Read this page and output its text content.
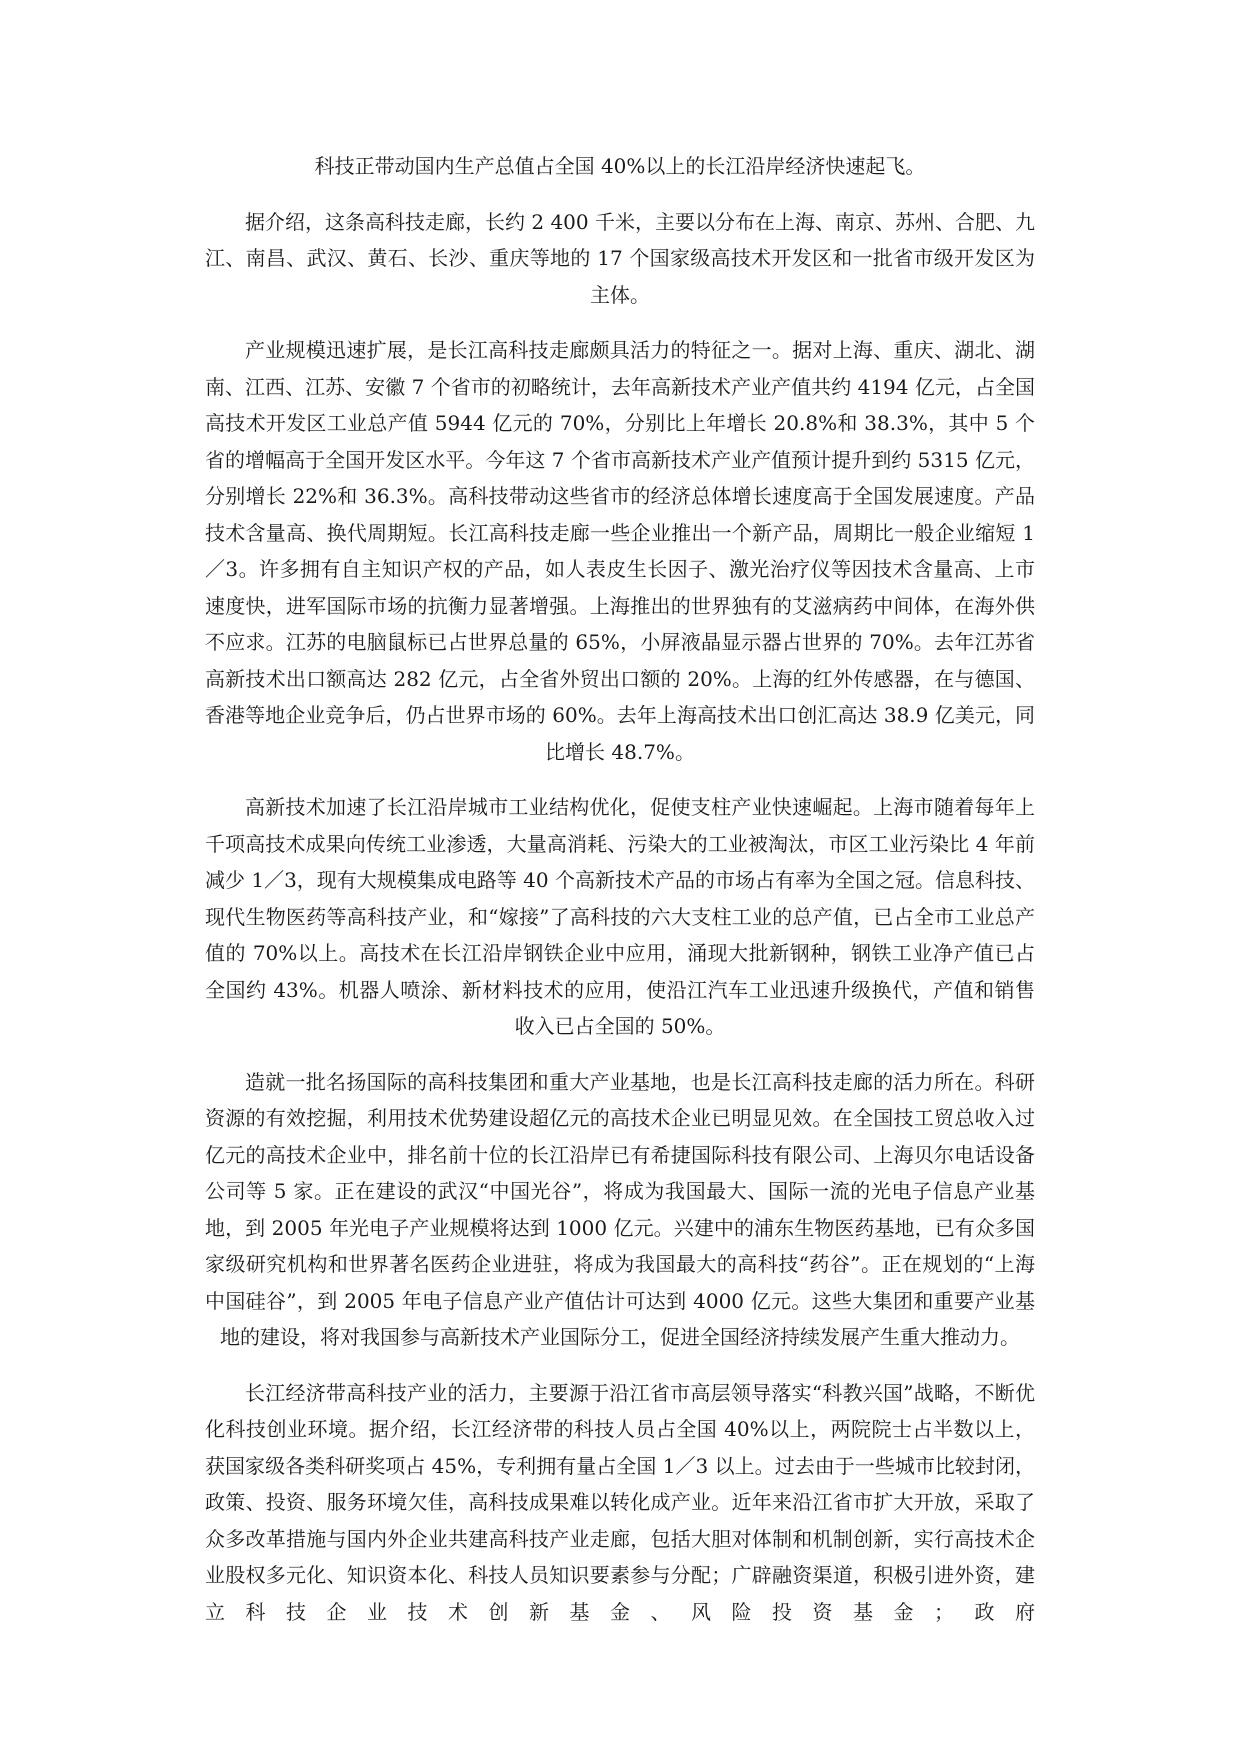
科技正带动国内生产总值占全国 40%以上的长江沿岸经济快速起飞。

据介绍，这条高科技走廊，长约 2 400 千米，主要以分布在上海、南京、苏州、合肥、九江、南昌、武汉、黄石、长沙、重庆等地的 17 个国家级高技术开发区和一批省市级开发区为主体。

产业规模迅速扩展，是长江高科技走廊颇具活力的特征之一。据对上海、重庆、湖北、湖南、江西、江苏、安徽 7 个省市的初略统计，去年高新技术产业产值共约 4194 亿元，占全国高技术开发区工业总产值 5944 亿元的 70%，分别比上年增长 20.8%和 38.3%，其中 5 个省的增幅高于全国开发区水平。今年这 7 个省市高新技术产业产值预计提升到约 5315 亿元，分别增长 22%和 36.3%。高科技带动这些省市的经济总体增长速度高于全国发展速度。产品技术含量高、换代周期短。长江高科技走廊一些企业推出一个新产品，周期比一般企业缩短 1／3。许多拥有自主知识产权的产品，如人表皮生长因子、激光治疗仪等因技术含量高、上市速度快，进军国际市场的抗衡力显著增强。上海推出的世界独有的艾滋病药中间体，在海外供不应求。江苏的电脑鼠标已占世界总量的 65%，小屏液晶显示器占世界的 70%。去年江苏省高新技术出口额高达 282 亿元，占全省外贸出口额的 20%。上海的红外传感器，在与德国、香港等地企业竞争后，仍占世界市场的 60%。去年上海高技术出口创汇高达 38.9 亿美元，同比增长 48.7%。

高新技术加速了长江沿岸城市工业结构优化，促使支柱产业快速崛起。上海市随着每年上千项高技术成果向传统工业渗透，大量高消耗、污染大的工业被淘汰，市区工业污染比 4 年前减少 1／3，现有大规模集成电路等 40 个高新技术产品的市场占有率为全国之冠。信息科技、现代生物医药等高科技产业，和“嫁接”了高科技的六大支柱工业的总产值，已占全市工业总产值的 70%以上。高技术在长江沿岸钢铁企业中应用，涌现大批新钢种，钢铁工业净产值已占全国约 43%。机器人喷涂、新材料技术的应用，使沿江汽车工业迅速升级换代，产值和销售收入已占全国的 50%。

造就一批名扬国际的高科技集团和重大产业基地，也是长江高科技走廊的活力所在。科研资源的有效挖掘，利用技术优势建设超亿元的高技术企业已明显见效。在全国技工贸总收入过亿元的高技术企业中，排名前十位的长江沿岸已有希捷国际科技有限公司、上海贝尔电话设备公司等 5 家。正在建设的武汉“中国光谷”，将成为我国最大、国际一流的光电子信息产业基地，到 2005 年光电子产业规模将达到 1000 亿元。兴建中的浦东生物医药基地，已有众多国家级研究机构和世界著名医药企业进驻，将成为我国最大的高科技“药谷”。正在规划的“上海中国硅谷”，到 2005 年电子信息产业产值估计可达到 4000 亿元。这些大集团和重要产业基地的建设，将对我国参与高新技术产业国际分工，促进全国经济持续发展产生重大推动力。

长江经济带高科技产业的活力，主要源于沿江省市高层领导落实“科教兴国”战略，不断优化科技创业环境。据介绍，长江经济带的科技人员占全国 40%以上，两院院士占半数以上，获国家级各类科研奖项占 45%，专利拥有量占全国 1／3 以上。过去由于一些城市比较封闭，政策、投资、服务环境欠佳，高科技成果难以转化成产业。近年来沿江省市扩大开放，采取了众多改革措施与国内外企业共建高科技产业走廊，包括大胆对体制和机制创新，实行高技术企业股权多元化、知识资本化、科技人员知识要素参与分配；广辟融资渠道，积极引进外资，建立科技企业技术创新基金、风险投资基金；政府
